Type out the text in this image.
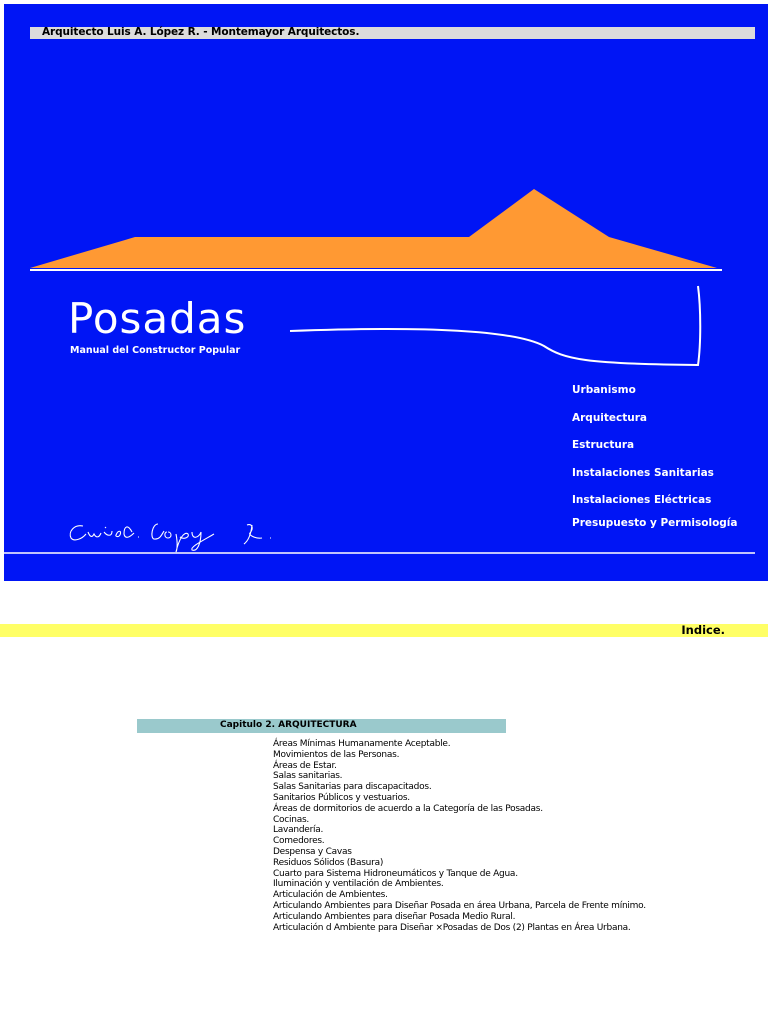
Arquitecto Luis A. López R. - Montemayor Arquitectos.
Posadas
Manual del Constructor Popular
Urbanismo
Arquitectura
Estructura
Instalaciones Sanitarias
Instalaciones Eléctricas
Presupuesto y Permisología
Indice.
Capitulo 2. ARQUITECTURA
Áreas Mínimas Humanamente Aceptable.
Movimientos de las Personas.
Áreas de Estar.
Salas sanitarias.
Salas Sanitarias para discapacitados.
Sanitarios Públicos y vestuarios.
Áreas de dormitorios de acuerdo a la Categoría de las Posadas.
Cocinas.
Lavandería.
Comedores.
Despensa y Cavas
Residuos Sólidos (Basura)
Cuarto para Sistema Hidroneumáticos y Tanque de Agua.
Iluminación y ventilación de Ambientes.
Articulación de Ambientes.
Articulando Ambientes para Diseñar Posada en área Urbana, Parcela de Frente mínimo.
Articulando Ambientes para diseñar Posada Medio Rural.
Articulación d Ambiente para Diseñar ×Posadas de Dos (2) Plantas en Área Urbana.
